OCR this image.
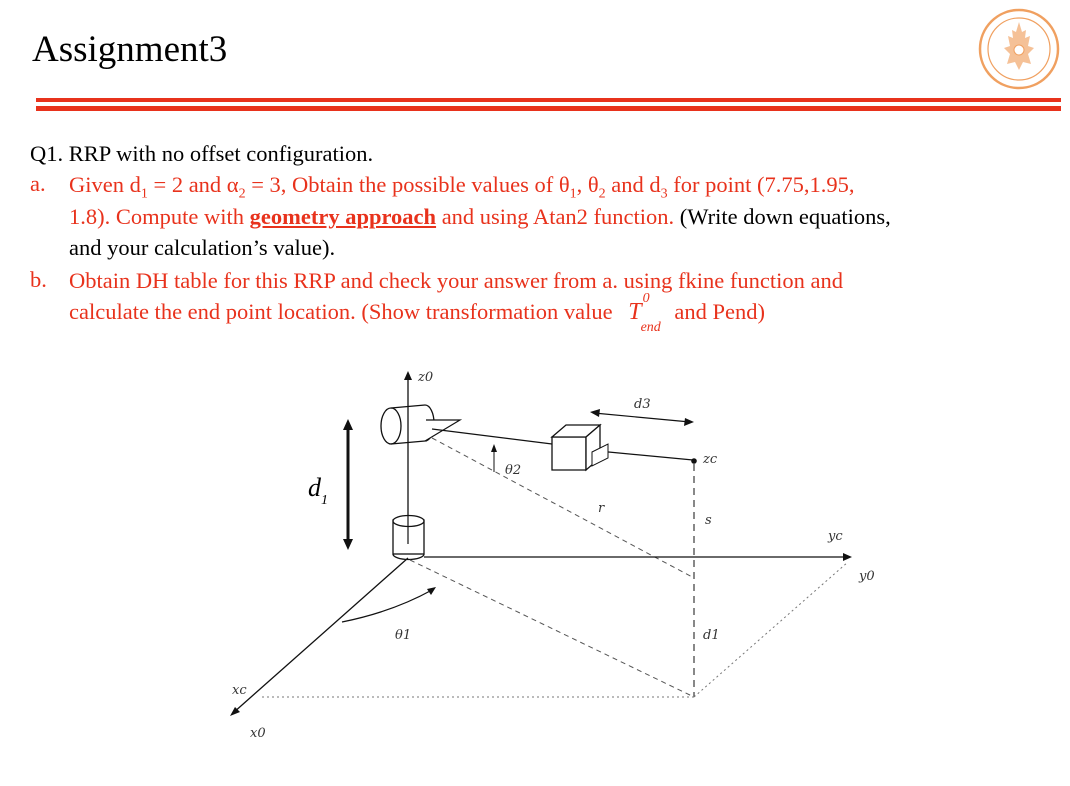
Assignment3
Q1. RRP with no offset configuration.
a. Given $d_1 = 2$ and $\alpha_2 = 3$, Obtain the possible values of $\theta_1$, $\theta_2$ and $d_3$ for point (7.75,1.95,
1.8). Compute with geometry approach and using Atan2 function. (Write down equations,
and your calculation’s value).
b. Obtain DH table for this RRP and check your answer from a. using fkine function and
calculate the end point location. (Show transformation value $T^0_{end}$ and Pend)
z0
d3
zc
θ2
$d_1$
r
s
yc
y0
θ1	d1
xc
x0
